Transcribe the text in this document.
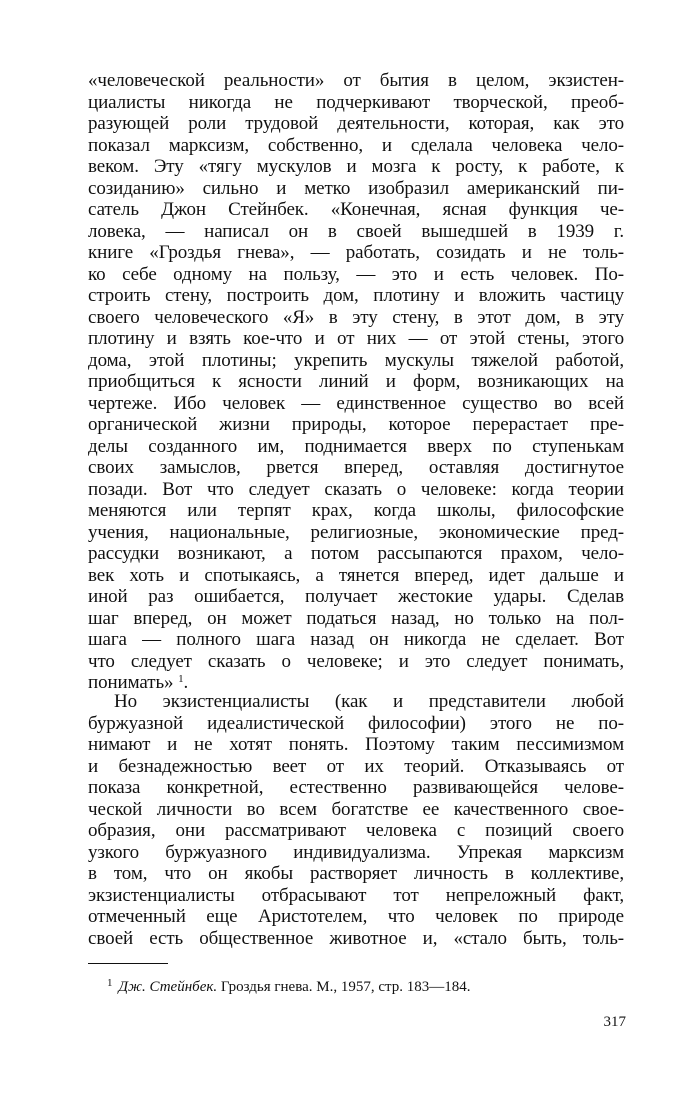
«человеческой реальности» от бытия в целом, экзистен-
циалисты никогда не подчеркивают творческой, преоб-
разующей роли трудовой деятельности, которая, как это
показал марксизм, собственно, и сделала человека чело-
веком. Эту «тягу мускулов и мозга к росту, к работе, к
созиданию» сильно и метко изобразил американский пи-
сатель Джон Стейнбек. «Конечная, ясная функция че-
ловека, — написал он в своей вышедшей в 1939 г.
книге «Гроздья гнева», — работать, созидать и не толь-
ко себе одному на пользу, — это и есть человек. По-
строить стену, построить дом, плотину и вложить частицу
своего человеческого «Я» в эту стену, в этот дом, в эту
плотину и взять кое-что и от них — от этой стены, этого
дома, этой плотины; укрепить мускулы тяжелой работой,
приобщиться к ясности линий и форм, возникающих на
чертеже. Ибо человек — единственное существо во всей
органической жизни природы, которое перерастает пре-
делы созданного им, поднимается вверх по ступенькам
своих замыслов, рвется вперед, оставляя достигнутое
позади. Вот что следует сказать о человеке: когда теории
меняются или терпят крах, когда школы, философские
учения, национальные, религиозные, экономические пред-
рассудки возникают, а потом рассыпаются прахом, чело-
век хоть и спотыкаясь, а тянется вперед, идет дальше и
иной раз ошибается, получает жестокие удары. Сделав
шаг вперед, он может податься назад, но только на пол-
шага — полного шага назад он никогда не сделает. Вот
что следует сказать о человеке; и это следует понимать,
понимать» $^1$.
Но экзистенциалисты (как и представители любой
буржуазной идеалистической философии) этого не по-
нимают и не хотят понять. Поэтому таким пессимизмом
и безнадежностью веет от их теорий. Отказываясь от
показа конкретной, естественно развивающейся челове-
ческой личности во всем богатстве ее качественного свое-
образия, они рассматривают человека с позиций своего
узкого буржуазного индивидуализма. Упрекая марксизм
в том, что он якобы растворяет личность в коллективе,
экзистенциалисты отбрасывают тот непреложный факт,
отмеченный еще Аристотелем, что человек по природе
своей есть общественное животное и, «стало быть, толь-
$^1$ Дж. Стейнбек. Гроздья гнева. М., 1957, стр. 183—184.
317
